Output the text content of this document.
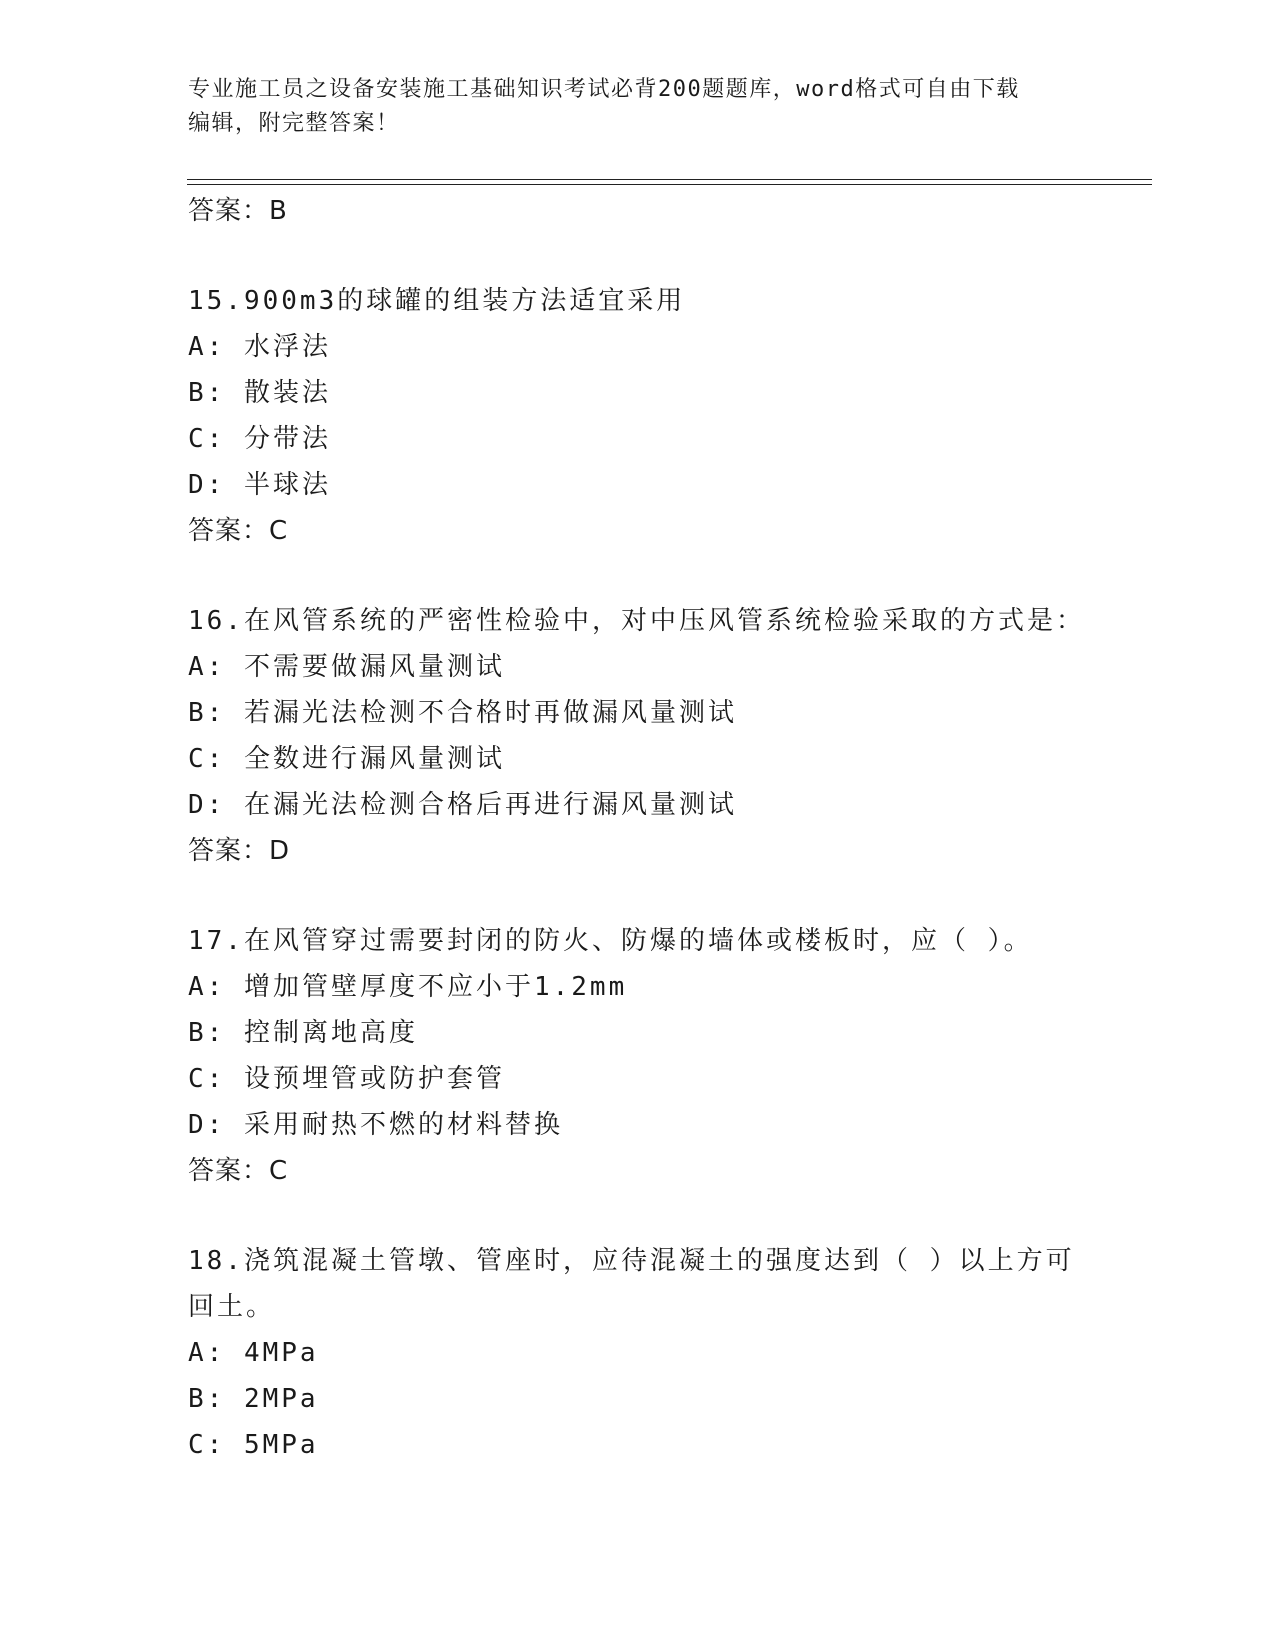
专业施工员之设备安装施工基础知识考试必背200题题库，word格式可自由下载
编辑，附完整答案！
答案：B
15.900m3的球罐的组装方法适宜采用
A: 水浮法
B: 散装法
C: 分带法
D: 半球法
答案：C
16.在风管系统的严密性检验中，对中压风管系统检验采取的方式是：
A: 不需要做漏风量测试
B: 若漏光法检测不合格时再做漏风量测试
C: 全数进行漏风量测试
D: 在漏光法检测合格后再进行漏风量测试
答案：D
17.在风管穿过需要封闭的防火、防爆的墙体或楼板时，应（ ）。
A: 增加管壁厚度不应小于1.2mm
B: 控制离地高度
C: 设预埋管或防护套管
D: 采用耐热不燃的材料替换
答案：C
18.浇筑混凝土管墩、管座时，应待混凝土的强度达到（ ）以上方可
回土。
A: 4MPa
B: 2MPa
C: 5MPa
